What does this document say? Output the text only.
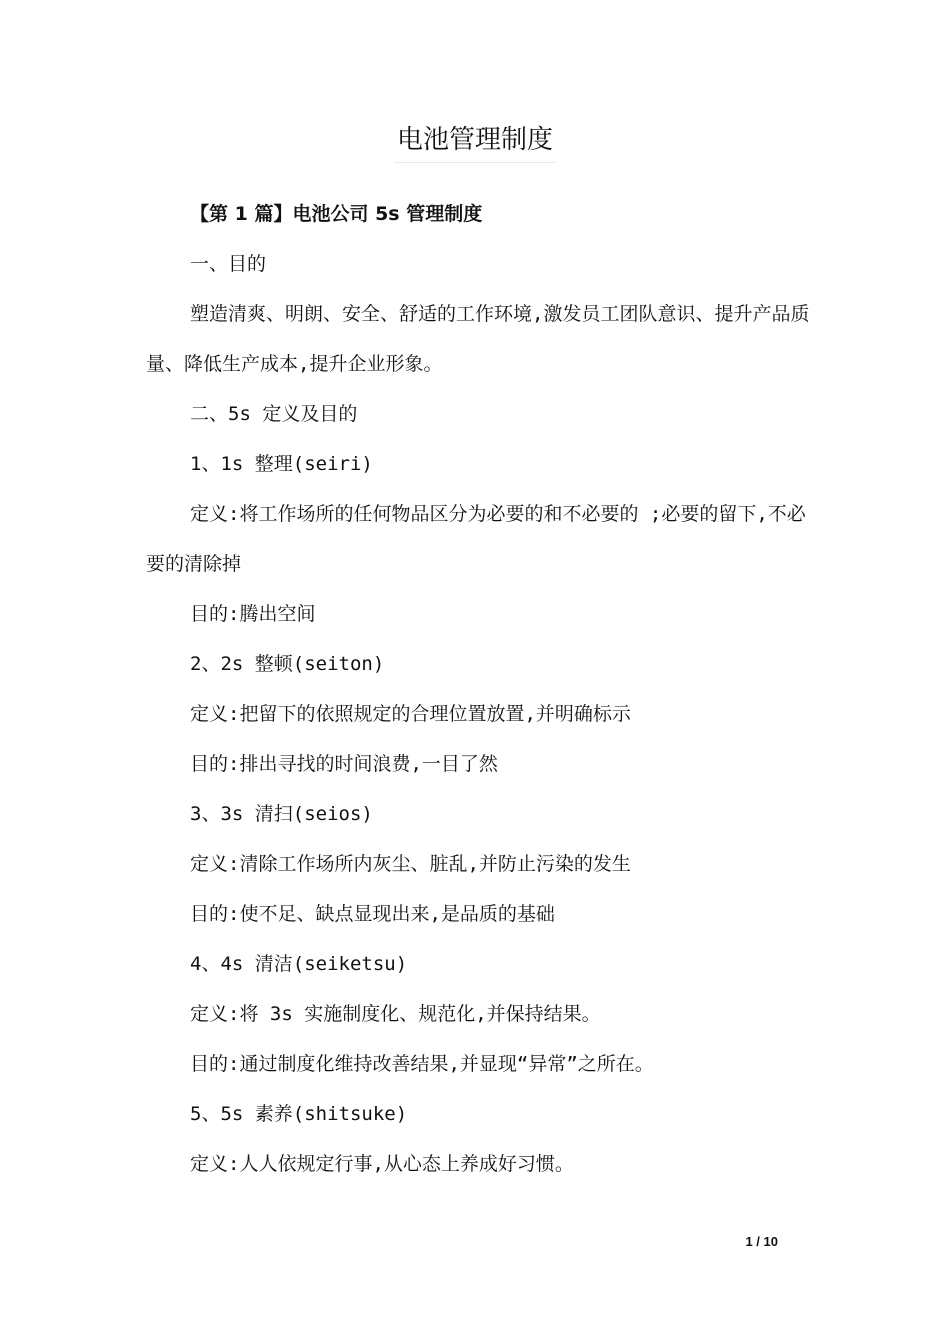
电池管理制度

【第 1 篇】电池公司 5s 管理制度

一、目的

塑造清爽、明朗、安全、舒适的工作环境,激发员工团队意识、提升产品质量、降低生产成本,提升企业形象。

二、5s 定义及目的

1、1s 整理(seiri)

定义:将工作场所的任何物品区分为必要的和不必要的 ;必要的留下,不必要的清除掉

目的:腾出空间

2、2s 整顿(seiton)

定义:把留下的依照规定的合理位置放置,并明确标示

目的:排出寻找的时间浪费,一目了然

3、3s 清扫(seios)

定义:清除工作场所内灰尘、脏乱,并防止污染的发生

目的:使不足、缺点显现出来,是品质的基础

4、4s 清洁(seiketsu)

定义:将 3s 实施制度化、规范化,并保持结果。

目的:通过制度化维持改善结果,并显现“异常”之所在。

5、5s 素养(shitsuke)

定义:人人依规定行事,从心态上养成好习惯。

1 / 10
